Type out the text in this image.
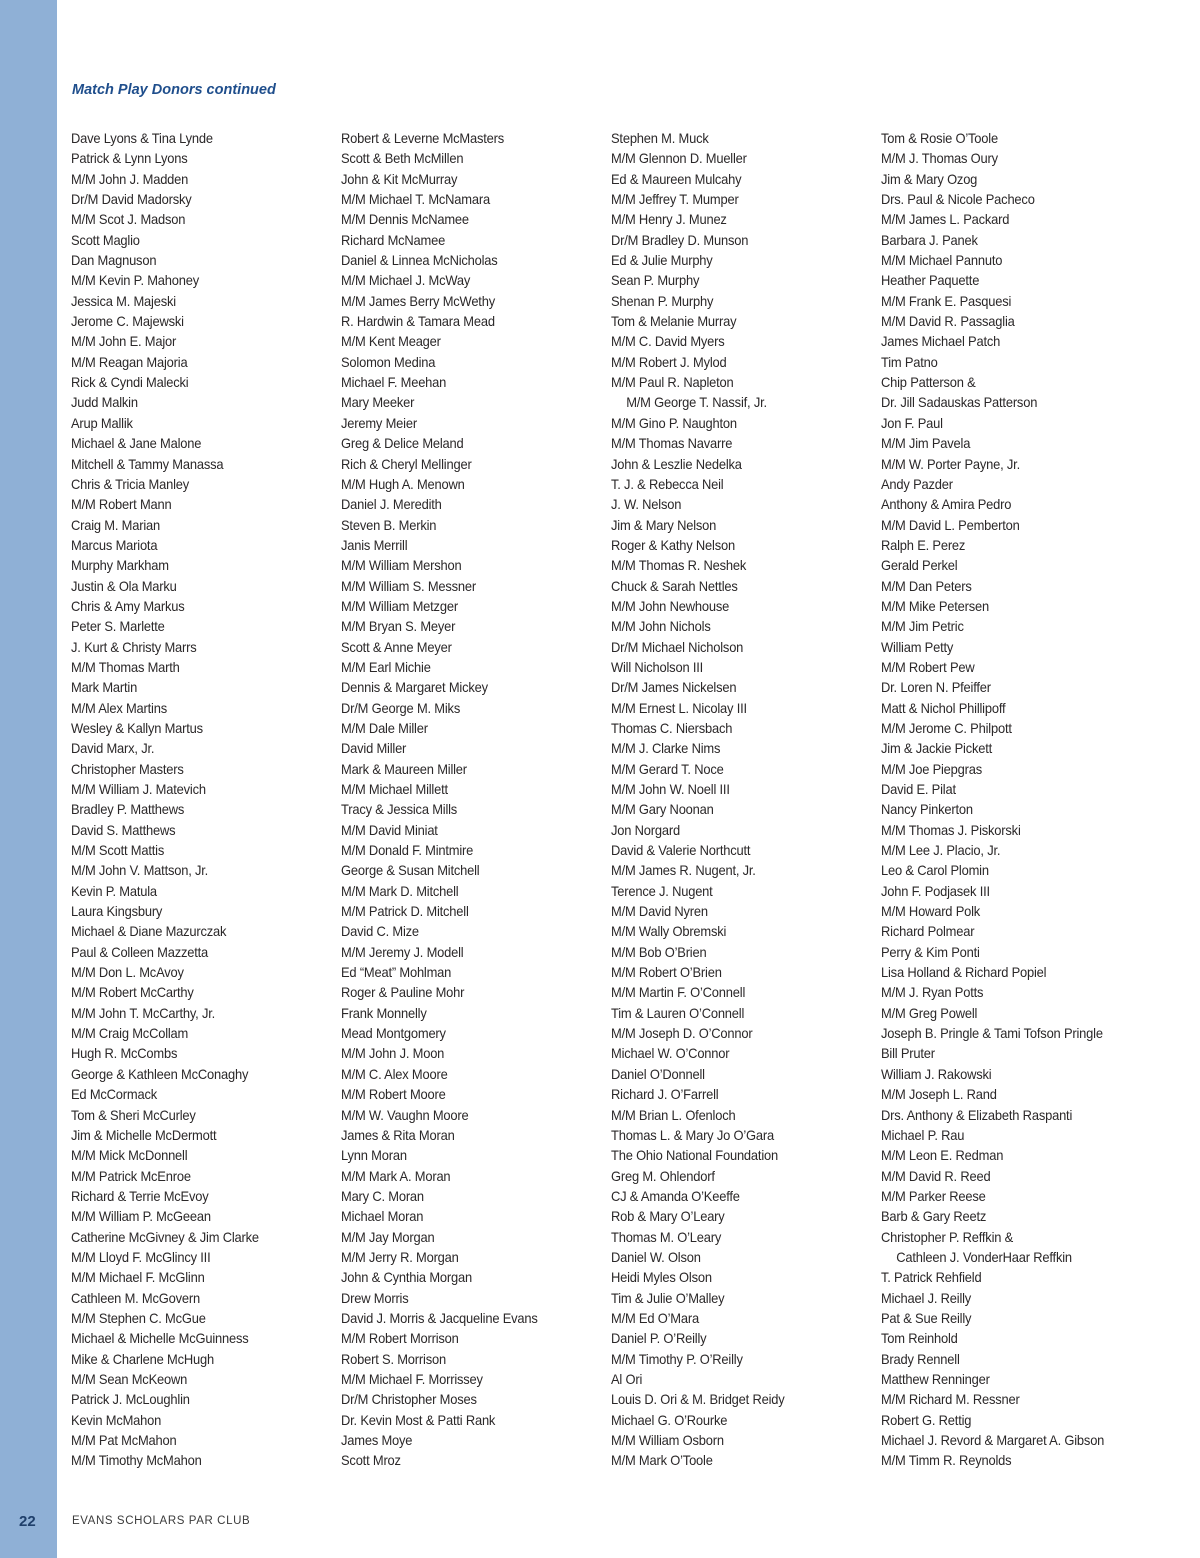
Match Play Donors continued
Dave Lyons & Tina Lynde
Patrick & Lynn Lyons
M/M John J. Madden
Dr/M David Madorsky
M/M Scot J. Madson
Scott Maglio
Dan Magnuson
M/M Kevin P. Mahoney
Jessica M. Majeski
Jerome C. Majewski
M/M John E. Major
M/M Reagan Majoria
Rick & Cyndi Malecki
Judd Malkin
Arup Mallik
Michael & Jane Malone
Mitchell & Tammy Manassa
Chris & Tricia Manley
M/M Robert Mann
Craig M. Marian
Marcus Mariota
Murphy Markham
Justin & Ola Marku
Chris & Amy Markus
Peter S. Marlette
J. Kurt & Christy Marrs
M/M Thomas Marth
Mark Martin
M/M Alex Martins
Wesley & Kallyn Martus
David Marx, Jr.
Christopher Masters
M/M William J. Matevich
Bradley P. Matthews
David S. Matthews
M/M Scott Mattis
M/M John V. Mattson, Jr.
Kevin P. Matula
Laura Kingsbury
Michael & Diane Mazurczak
Paul & Colleen Mazzetta
M/M Don L. McAvoy
M/M Robert McCarthy
M/M John T. McCarthy, Jr.
M/M Craig McCollam
Hugh R. McCombs
George & Kathleen McConaghy
Ed McCormack
Tom & Sheri McCurley
Jim & Michelle McDermott
M/M Mick McDonnell
M/M Patrick McEnroe
Richard & Terrie McEvoy
M/M William P. McGeean
Catherine McGivney & Jim Clarke
M/M Lloyd F. McGlincy III
M/M Michael F. McGlinn
Cathleen M. McGovern
M/M Stephen C. McGue
Michael & Michelle McGuinness
Mike & Charlene McHugh
M/M Sean McKeown
Patrick J. McLoughlin
Kevin McMahon
M/M Pat McMahon
M/M Timothy McMahon
Robert & Leverne McMasters
Scott & Beth McMillen
John & Kit McMurray
M/M Michael T. McNamara
M/M Dennis McNamee
Richard McNamee
Daniel & Linnea McNicholas
M/M Michael J. McWay
M/M James Berry McWethy
R. Hardwin & Tamara Mead
M/M Kent Meager
Solomon Medina
Michael F. Meehan
Mary Meeker
Jeremy Meier
Greg & Delice Meland
Rich & Cheryl Mellinger
M/M Hugh A. Menown
Daniel J. Meredith
Steven B. Merkin
Janis Merrill
M/M William Mershon
M/M William S. Messner
M/M William Metzger
M/M Bryan S. Meyer
Scott & Anne Meyer
M/M Earl Michie
Dennis & Margaret Mickey
Dr/M George M. Miks
M/M Dale Miller
David Miller
Mark & Maureen Miller
M/M Michael Millett
Tracy & Jessica Mills
M/M David Miniat
M/M Donald F. Mintmire
George & Susan Mitchell
M/M Mark D. Mitchell
M/M Patrick D. Mitchell
David C. Mize
M/M Jeremy J. Modell
Ed “Meat” Mohlman
Roger & Pauline Mohr
Frank Monnelly
Mead Montgomery
M/M John J. Moon
M/M C. Alex Moore
M/M Robert Moore
M/M W. Vaughn Moore
James & Rita Moran
Lynn Moran
M/M Mark A. Moran
Mary C. Moran
Michael Moran
M/M Jay Morgan
M/M Jerry R. Morgan
John & Cynthia Morgan
Drew Morris
David J. Morris & Jacqueline Evans
M/M Robert Morrison
Robert S. Morrison
M/M Michael F. Morrissey
Dr/M Christopher Moses
Dr. Kevin Most & Patti Rank
James Moye
Scott Mroz
Stephen M. Muck
M/M Glennon D. Mueller
Ed & Maureen Mulcahy
M/M Jeffrey T. Mumper
M/M Henry J. Munez
Dr/M Bradley D. Munson
Ed & Julie Murphy
Sean P. Murphy
Shenan P. Murphy
Tom & Melanie Murray
M/M C. David Myers
M/M Robert J. Mylod
M/M Paul R. Napleton
M/M George T. Nassif, Jr.
M/M Gino P. Naughton
M/M Thomas Navarre
John & Leszlie Nedelka
T. J. & Rebecca Neil
J. W. Nelson
Jim & Mary Nelson
Roger & Kathy Nelson
M/M Thomas R. Neshek
Chuck & Sarah Nettles
M/M John Newhouse
M/M John Nichols
Dr/M Michael Nicholson
Will Nicholson III
Dr/M James Nickelsen
M/M Ernest L. Nicolay III
Thomas C. Niersbach
M/M J. Clarke Nims
M/M Gerard T. Noce
M/M John W. Noell III
M/M Gary Noonan
Jon Norgard
David & Valerie Northcutt
M/M James R. Nugent, Jr.
Terence J. Nugent
M/M David Nyren
M/M Wally Obremski
M/M Bob O’Brien
M/M Robert O’Brien
M/M Martin F. O’Connell
Tim & Lauren O’Connell
M/M Joseph D. O’Connor
Michael W. O’Connor
Daniel O’Donnell
Richard J. O’Farrell
M/M Brian L. Ofenloch
Thomas L. & Mary Jo O’Gara
The Ohio National Foundation
Greg M. Ohlendorf
CJ & Amanda O’Keeffe
Rob & Mary O’Leary
Thomas M. O’Leary
Daniel W. Olson
Heidi Myles Olson
Tim & Julie O’Malley
M/M Ed O’Mara
Daniel P. O’Reilly
M/M Timothy P. O’Reilly
Al Ori
Louis D. Ori & M. Bridget Reidy
Michael G. O’Rourke
M/M William Osborn
M/M Mark O’Toole
Tom & Rosie O’Toole
M/M J. Thomas Oury
Jim & Mary Ozog
Drs. Paul & Nicole Pacheco
M/M James L. Packard
Barbara J. Panek
M/M Michael Pannuto
Heather Paquette
M/M Frank E. Pasquesi
M/M David R. Passaglia
James Michael Patch
Tim Patno
Chip Patterson &
Dr. Jill Sadauskas Patterson
Jon F. Paul
M/M Jim Pavela
M/M W. Porter Payne, Jr.
Andy Pazder
Anthony & Amira Pedro
M/M David L. Pemberton
Ralph E. Perez
Gerald Perkel
M/M Dan Peters
M/M Mike Petersen
M/M Jim Petric
William Petty
M/M Robert Pew
Dr. Loren N. Pfeiffer
Matt & Nichol Phillipoff
M/M Jerome C. Philpott
Jim & Jackie Pickett
M/M Joe Piepgras
David E. Pilat
Nancy Pinkerton
M/M Thomas J. Piskorski
M/M Lee J. Placio, Jr.
Leo & Carol Plomin
John F. Podjasek III
M/M Howard Polk
Richard Polmear
Perry & Kim Ponti
Lisa Holland & Richard Popiel
M/M J. Ryan Potts
M/M Greg Powell
Joseph B. Pringle & Tami Tofson Pringle
Bill Pruter
William J. Rakowski
M/M Joseph L. Rand
Drs. Anthony & Elizabeth Raspanti
Michael P. Rau
M/M Leon E. Redman
M/M David R. Reed
M/M Parker Reese
Barb & Gary Reetz
Christopher P. Reffkin &
Cathleen J. VonderHaar Reffkin
T. Patrick Rehfield
Michael J. Reilly
Pat & Sue Reilly
Tom Reinhold
Brady Rennell
Matthew Renninger
M/M Richard M. Ressner
Robert G. Rettig
Michael J. Revord & Margaret A. Gibson
M/M Timm R. Reynolds
22	EVANS SCHOLARS PAR CLUB
